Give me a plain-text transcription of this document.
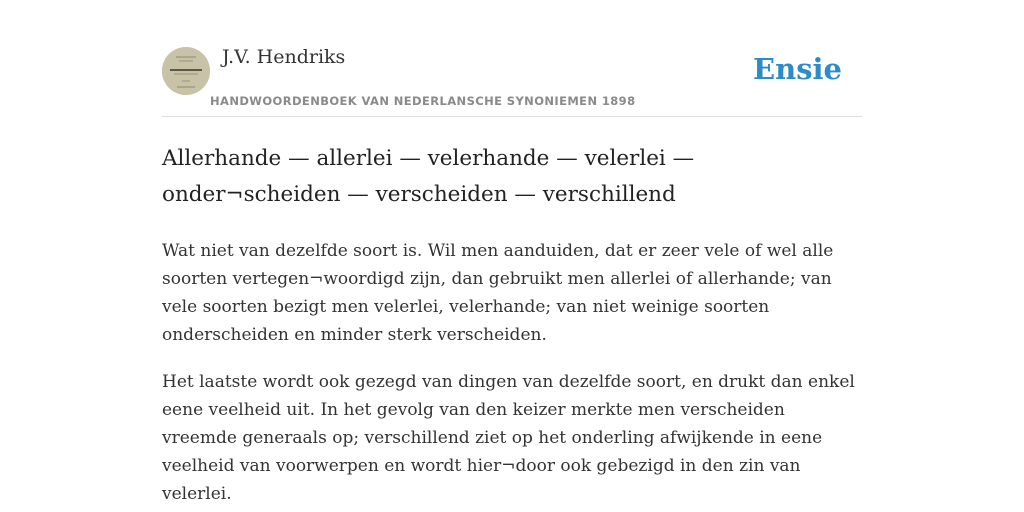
J.V. Hendriks
HANDWOORDENBOEK VAN NEDERLANSCHE SYNONIEMEN 1898
Ensie
Allerhande — allerlei — velerhande — velerlei —onder¬scheiden — verscheiden — verschillend

Wat niet van dezelfde soort is. Wil men aanduiden, dat er zeer vele of wel alle soorten vertegen¬woordigd zijn, dan gebruikt men allerlei of allerhande; van vele soorten bezigt men velerlei, velerhande; van niet weinige soorten onderscheiden en minder sterk verscheiden.

Het laatste wordt ook gezegd van dingen van dezelfde soort, en drukt dan enkel eene veelheid uit. In het gevolg van den keizer merkte men verscheiden vreemde generaals op; verschillend ziet op het onderling afwijkende in eene veelheid van voorwerpen en wordt hier¬door ook gebezigd in den zin van velerlei.
